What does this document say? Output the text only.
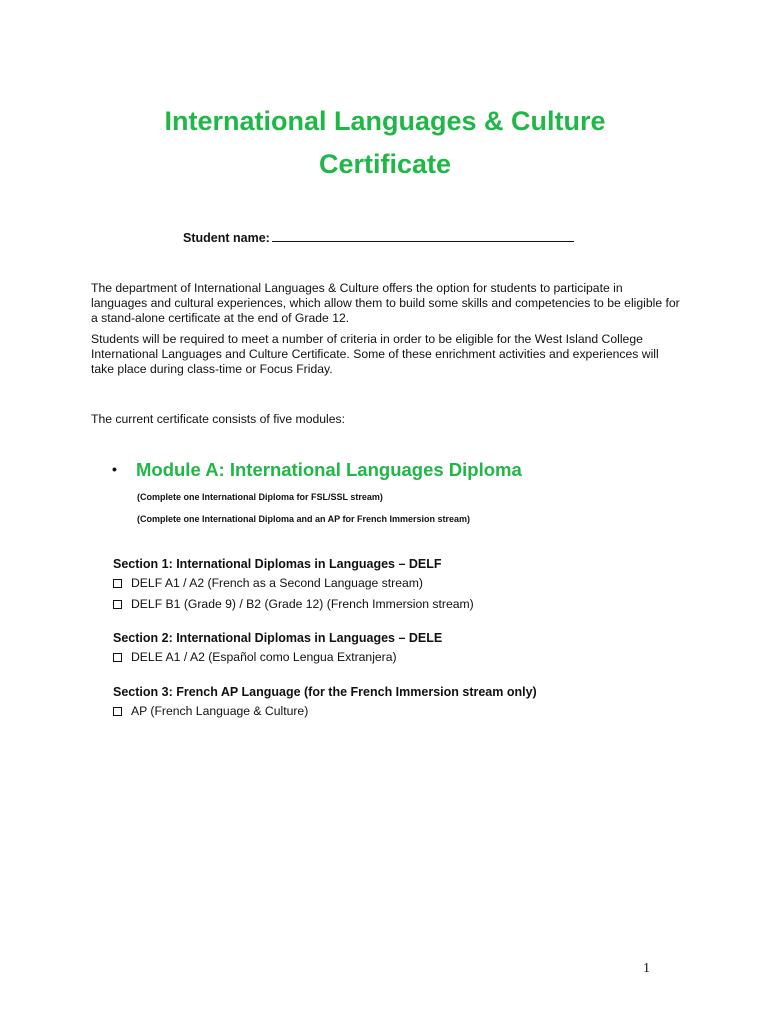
International Languages & Culture
Certificate
Student name:

The department of International Languages & Culture offers the option for students to participate in languages and cultural experiences, which allow them to build some skills and competencies to be eligible for a stand-alone certificate at the end of Grade 12.

Students will be required to meet a number of criteria in order to be eligible for the West Island College International Languages and Culture Certificate. Some of these enrichment activities and experiences will take place during class-time or Focus Friday.

The current certificate consists of five modules:

• Module A: International Languages Diploma
(Complete one International Diploma for FSL/SSL stream)
(Complete one International Diploma and an AP for French Immersion stream)
Section 1: International Diplomas in Languages – DELF
DELF A1 / A2 (French as a Second Language stream)
DELF B1 (Grade 9) / B2 (Grade 12) (French Immersion stream)
Section 2: International Diplomas in Languages – DELE
DELE A1 / A2 (Español como Lengua Extranjera)
Section 3: French AP Language (for the French Immersion stream only)
AP (French Language & Culture)
1
